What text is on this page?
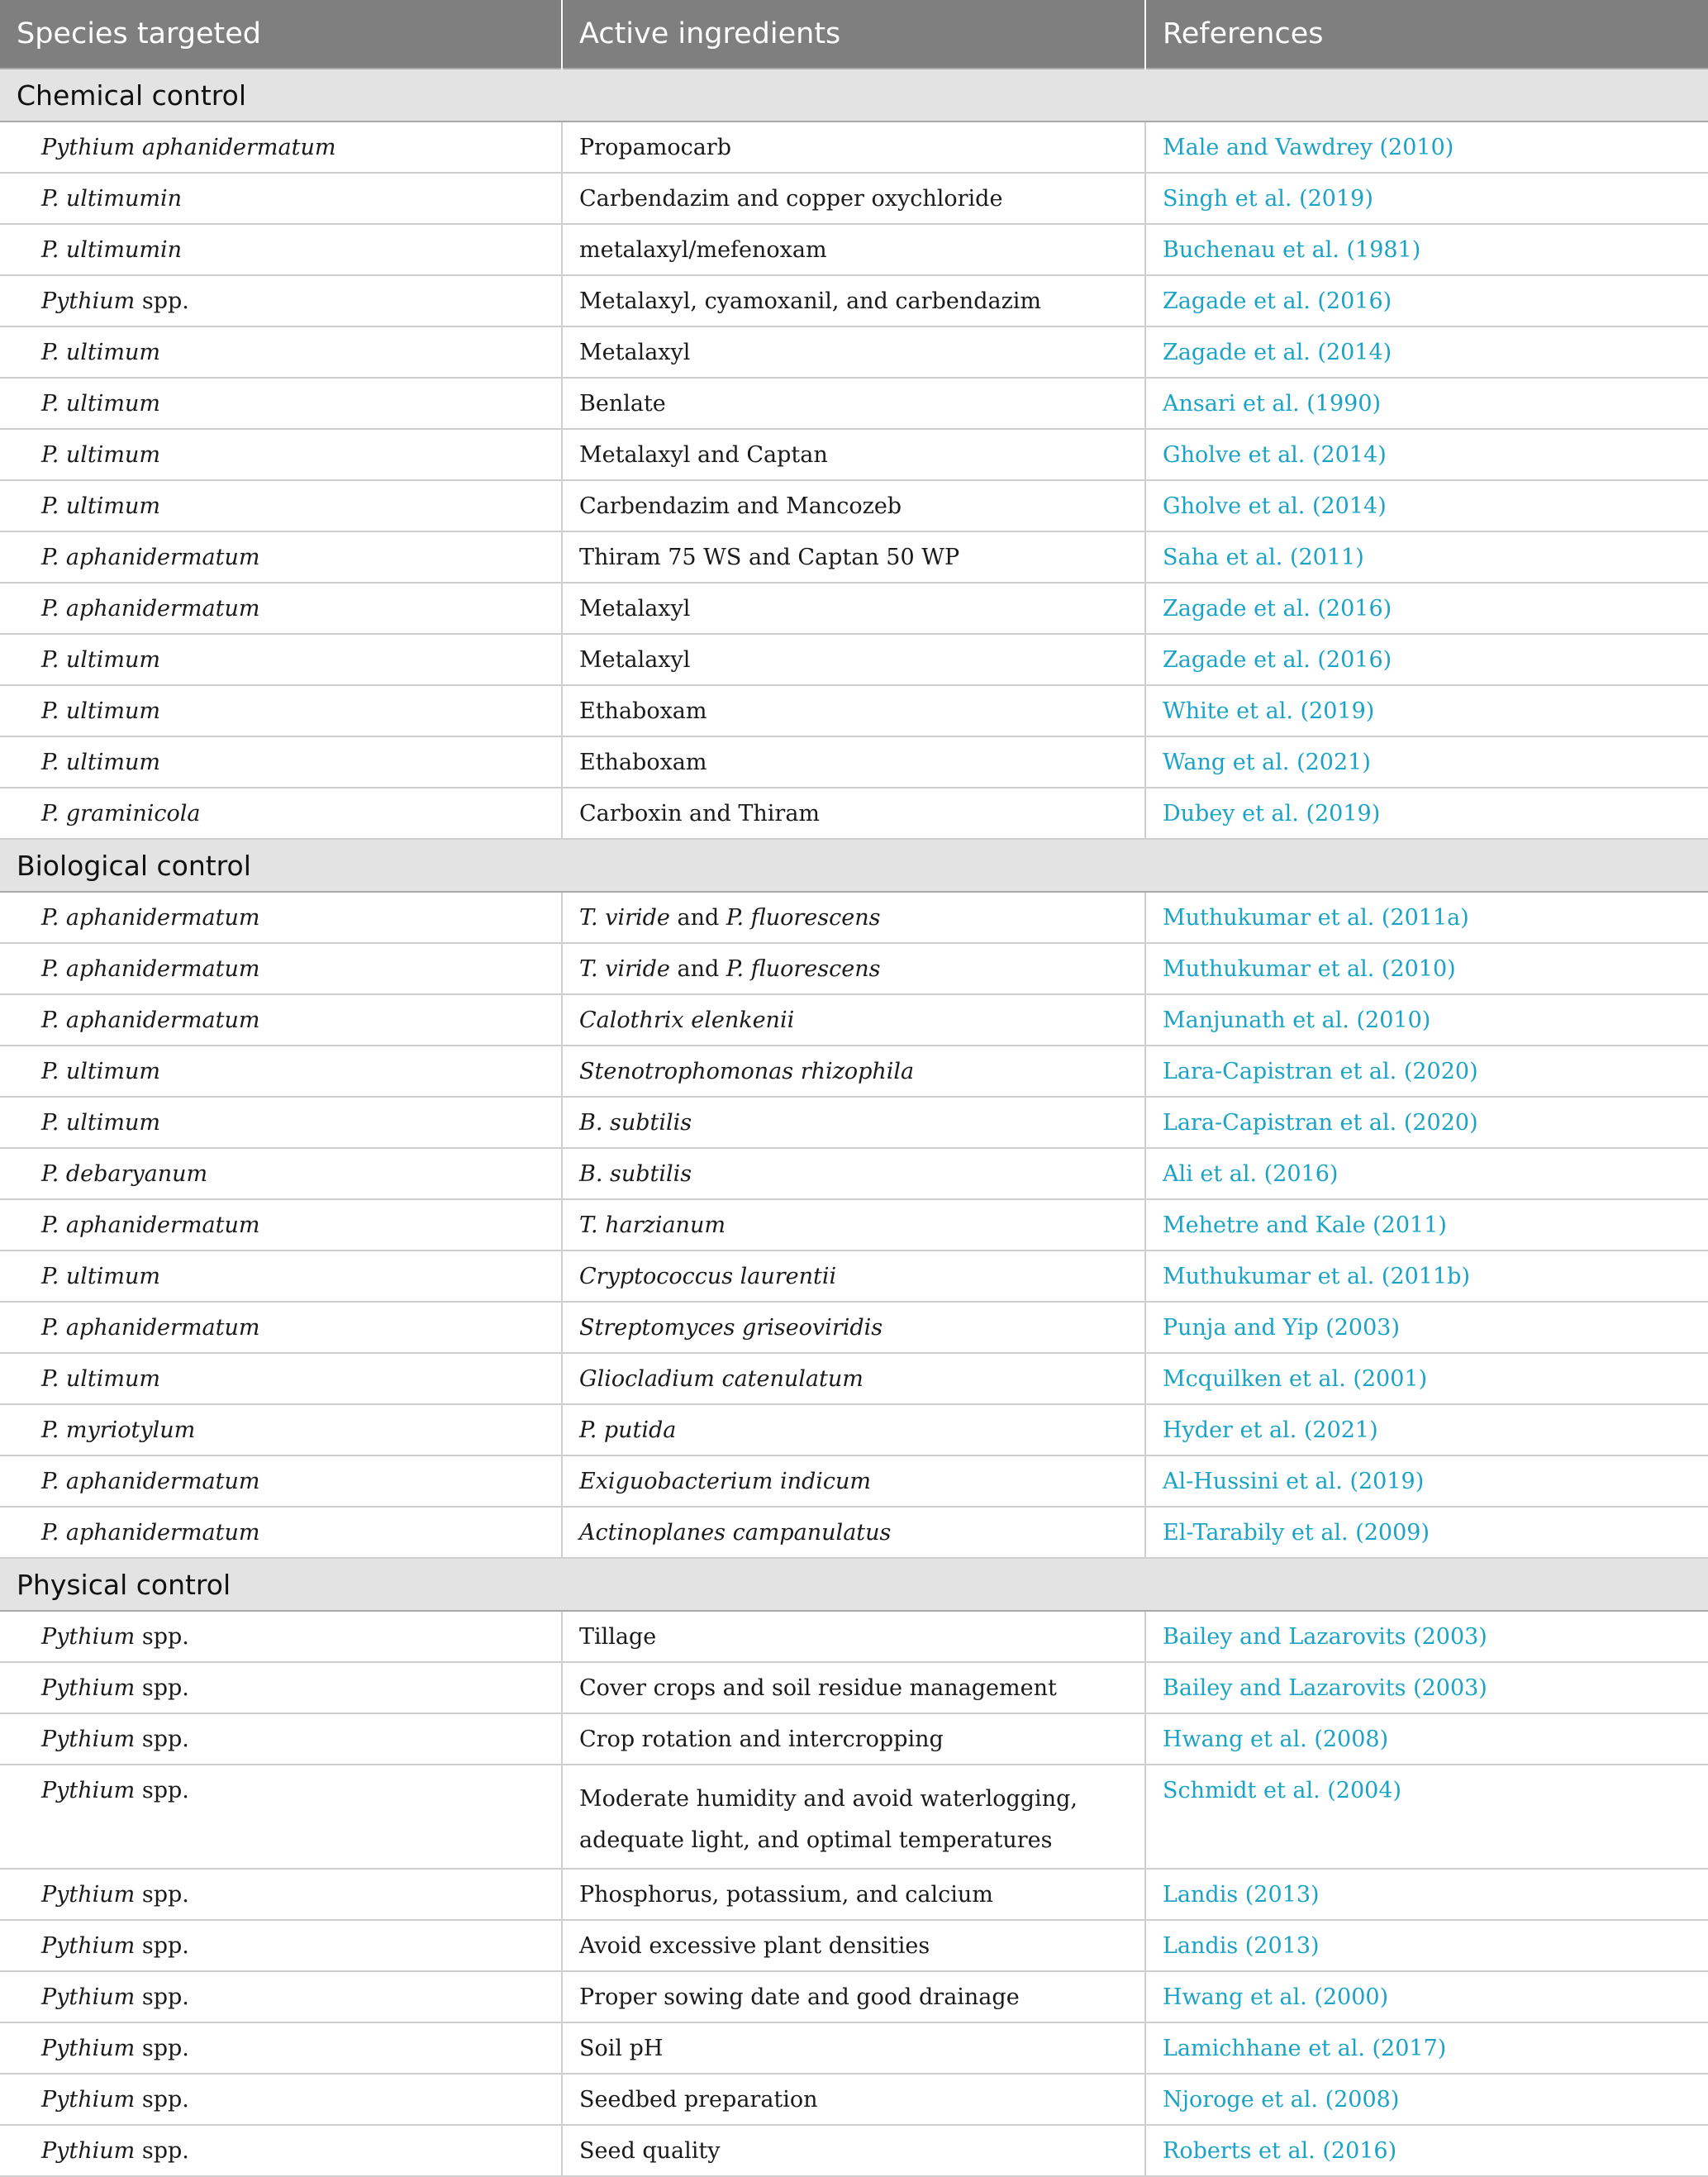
Species targeted	Active ingredients	References
Chemical control		
Pythium aphanidermatum	Propamocarb	Male and Vawdrey (2010)
P. ultimumin	Carbendazim and copper oxychloride	Singh et al. (2019)
P. ultimumin	metalaxyl/mefenoxam	Buchenau et al. (1981)
Pythium spp.	Metalaxyl, cyamoxanil, and carbendazim	Zagade et al. (2016)
P. ultimum	Metalaxyl	Zagade et al. (2014)
P. ultimum	Benlate	Ansari et al. (1990)
P. ultimum	Metalaxyl and Captan	Gholve et al. (2014)
P. ultimum	Carbendazim and Mancozeb	Gholve et al. (2014)
P. aphanidermatum	Thiram 75 WS and Captan 50 WP	Saha et al. (2011)
P. aphanidermatum	Metalaxyl	Zagade et al. (2016)
P. ultimum	Metalaxyl	Zagade et al. (2016)
P. ultimum	Ethaboxam	White et al. (2019)
P. ultimum	Ethaboxam	Wang et al. (2021)
P. graminicola	Carboxin and Thiram	Dubey et al. (2019)
Biological control		
P. aphanidermatum	T. viride and P. fluorescens	Muthukumar et al. (2011a)
P. aphanidermatum	T. viride and P. fluorescens	Muthukumar et al. (2010)
P. aphanidermatum	Calothrix elenkenii	Manjunath et al. (2010)
P. ultimum	Stenotrophomonas rhizophila	Lara-Capistran et al. (2020)
P. ultimum	B. subtilis	Lara-Capistran et al. (2020)
P. debaryanum	B. subtilis	Ali et al. (2016)
P. aphanidermatum	T. harzianum	Mehetre and Kale (2011)
P. ultimum	Cryptococcus laurentii	Muthukumar et al. (2011b)
P. aphanidermatum	Streptomyces griseoviridis	Punja and Yip (2003)
P. ultimum	Gliocladium catenulatum	Mcquilken et al. (2001)
P. myriotylum	P. putida	Hyder et al. (2021)
P. aphanidermatum	Exiguobacterium indicum	Al-Hussini et al. (2019)
P. aphanidermatum	Actinoplanes campanulatus	El-Tarabily et al. (2009)
Physical control		
Pythium spp.	Tillage	Bailey and Lazarovits (2003)
Pythium spp.	Cover crops and soil residue management	Bailey and Lazarovits (2003)
Pythium spp.	Crop rotation and intercropping	Hwang et al. (2008)
Pythium spp.	Moderate humidity and avoid waterlogging, adequate light, and optimal temperatures	Schmidt et al. (2004)
Pythium spp.	Phosphorus, potassium, and calcium	Landis (2013)
Pythium spp.	Avoid excessive plant densities	Landis (2013)
Pythium spp.	Proper sowing date and good drainage	Hwang et al. (2000)
Pythium spp.	Soil pH	Lamichhane et al. (2017)
Pythium spp.	Seedbed preparation	Njoroge et al. (2008)
Pythium spp.	Seed quality	Roberts et al. (2016)
